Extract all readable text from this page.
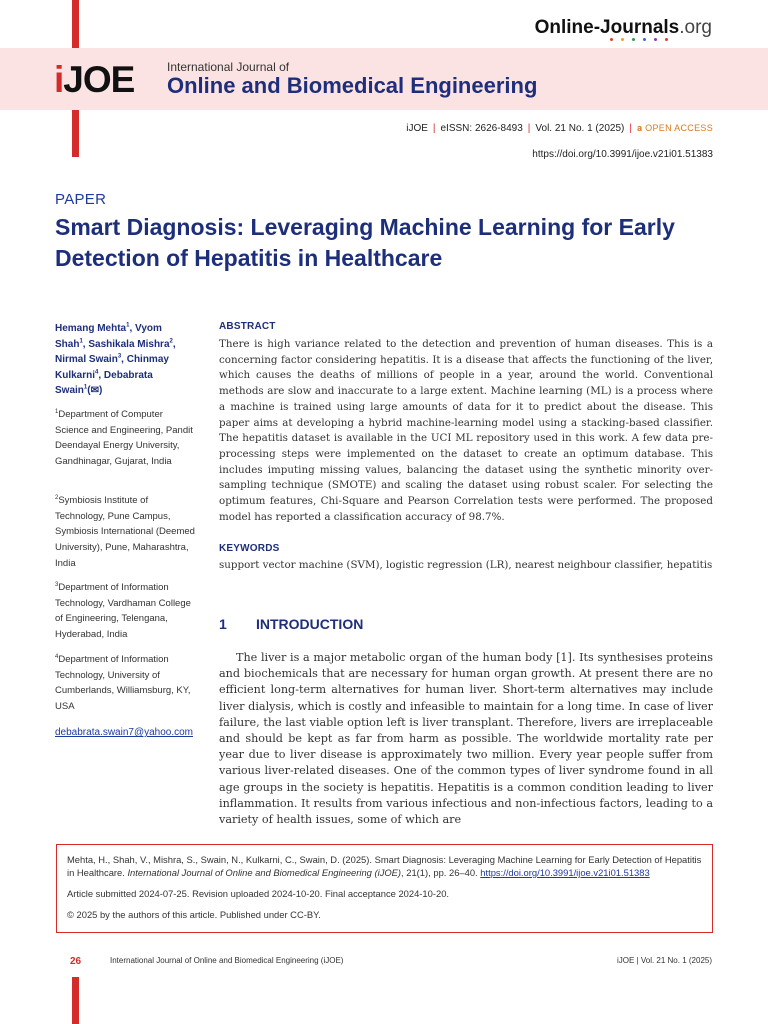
Online-Journals.org
iJOE	International Journal of
Online and Biomedical Engineering
iJOE | eISSN: 2626-8493 | Vol. 21 No. 1 (2025) | 𝐚︎ OPEN ACCESS
https://doi.org/10.3991/ijoe.v21i01.51383
PAPER
Smart Diagnosis: Leveraging Machine Learning for Early Detection of Hepatitis in Healthcare
Hemang Mehta$^1$, Vyom Shah$^1$, Sashikala Mishra$^2$, Nirmal Swain$^3$, Chinmay Kulkarni$^4$, Debabrata Swain$^1$(✉)
$^1$Department of Computer Science and Engineering, Pandit Deendayal Energy University, Gandhinagar, Gujarat, India
$^2$Symbiosis Institute of Technology, Pune Campus, Symbiosis International (Deemed University), Pune, Maharashtra, India
$^3$Department of Information Technology, Vardhaman College of Engineering, Telengana, Hyderabad, India
$^4$Department of Information Technology, University of Cumberlands, Williamsburg, KY, USA
debabrata.swain7@yahoo.com
ABSTRACT

There is high variance related to the detection and prevention of human diseases. This is a concerning factor considering hepatitis. It is a disease that affects the functioning of the liver, which causes the deaths of millions of people in a year, around the world. Conventional methods are slow and inaccurate to a large extent. Machine learning (ML) is a process where a machine is trained using large amounts of data for it to predict about the disease. This paper aims at developing a hybrid machine-learning model using a stacking-based classifier. The hepatitis dataset is available in the UCI ML repository used in this work. A few data pre-processing steps were implemented on the dataset to create an optimum database. This includes imputing missing values, balancing the dataset using the synthetic minority over-sampling technique (SMOTE) and scaling the dataset using robust scaler. For selecting the optimum features, Chi-Square and Pearson Correlation tests were performed. The proposed model has reported a classification accuracy of 98.7%.

KEYWORDS

support vector machine (SVM), logistic regression (LR), nearest neighbour classifier, hepatitis

1 INTRODUCTION

The liver is a major metabolic organ of the human body [1]. Its synthesises proteins and biochemicals that are necessary for human organ growth. At present there are no efficient long-term alternatives for human liver. Short-term alternatives may include liver dialysis, which is costly and infeasible to maintain for a long time. In case of liver failure, the last viable option left is liver transplant. Therefore, livers are irreplaceable and should be kept as far from harm as possible. The worldwide mortality rate per year due to liver disease is approximately two million. Every year people suffer from various liver-related diseases. One of the common types of liver syndrome found in all age groups in the society is hepatitis. Hepatitis is a common condition leading to liver inflammation. It results from various infectious and non-infectious factors, leading to a variety of health issues, some of which are

Mehta, H., Shah, V., Mishra, S., Swain, N., Kulkarni, C., Swain, D. (2025). Smart Diagnosis: Leveraging Machine Learning for Early Detection of Hepatitis in Healthcare. International Journal of Online and Biomedical Engineering (iJOE), 21(1), pp. 26–40. https://doi.org/10.3991/ijoe.v21i01.51383

Article submitted 2024-07-25. Revision uploaded 2024-10-20. Final acceptance 2024-10-20.

© 2025 by the authors of this article. Published under CC-BY.

26	International Journal of Online and Biomedical Engineering (iJOE)	iJOE | Vol. 21 No. 1 (2025)
